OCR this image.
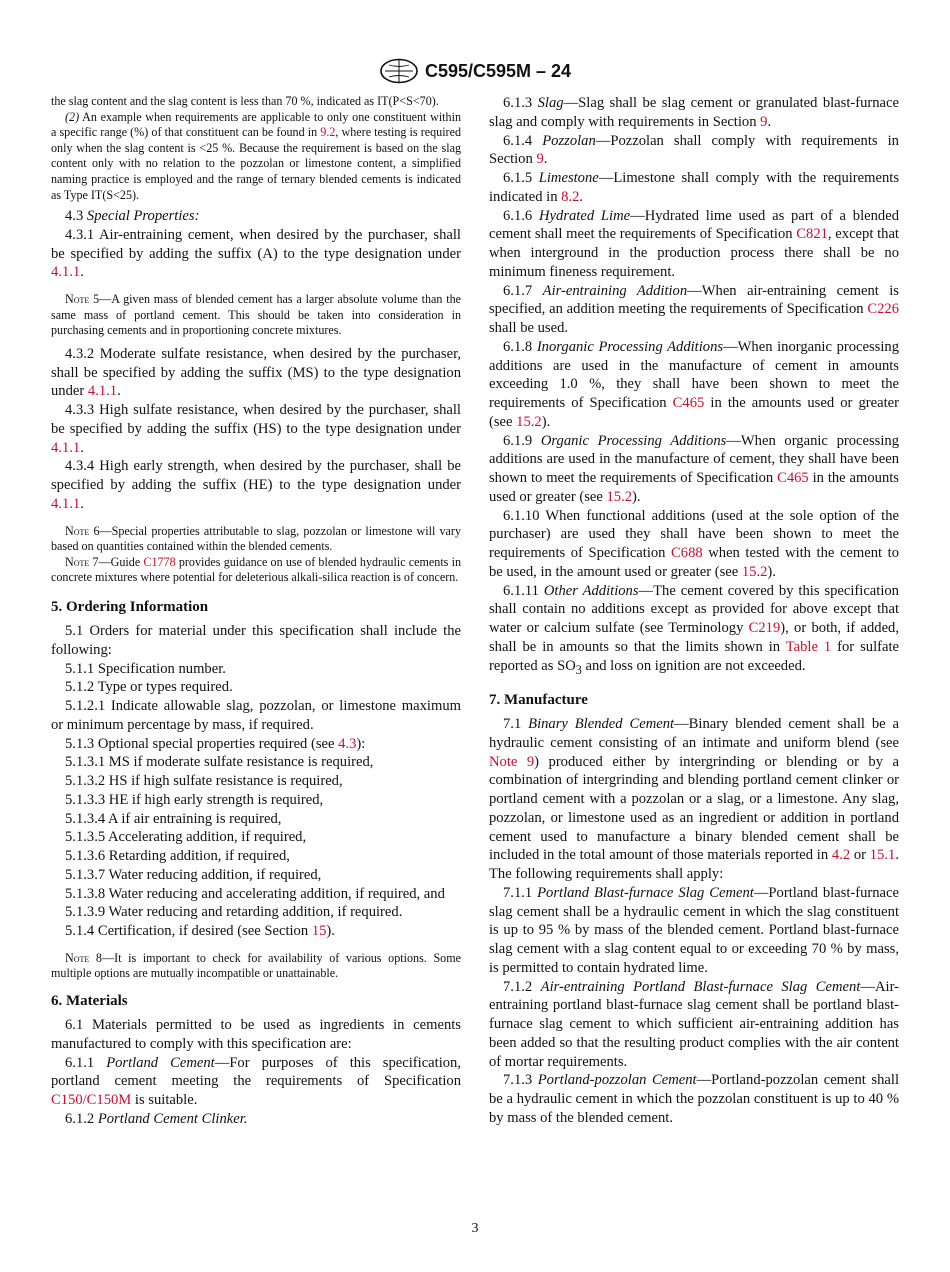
C595/C595M – 24

the slag content and the slag content is less than 70 %, indicated as IT(P<S<70).

(2) An example when requirements are applicable to only one constituent within a specific range (%) of that constituent can be found in 9.2, where testing is required only when the slag content is <25 %. Because the requirement is based on the slag content only with no relation to the pozzolan or limestone content, a simplified naming practice is employed and the range of ternary blended cements is indicated as Type IT(S<25).

4.3 Special Properties:

4.3.1 Air-entraining cement, when desired by the purchaser, shall be specified by adding the suffix (A) to the type designation under 4.1.1.

Note 5—A given mass of blended cement has a larger absolute volume than the same mass of portland cement. This should be taken into consideration in purchasing cements and in proportioning concrete mixtures.

4.3.2 Moderate sulfate resistance, when desired by the purchaser, shall be specified by adding the suffix (MS) to the type designation under 4.1.1.

4.3.3 High sulfate resistance, when desired by the purchaser, shall be specified by adding the suffix (HS) to the type designation under 4.1.1.

4.3.4 High early strength, when desired by the purchaser, shall be specified by adding the suffix (HE) to the type designation under 4.1.1.

Note 6—Special properties attributable to slag, pozzolan or limestone will vary based on quantities contained within the blended cements.

Note 7—Guide C1778 provides guidance on use of blended hydraulic cements in concrete mixtures where potential for deleterious alkali-silica reaction is of concern.

5. Ordering Information

5.1 Orders for material under this specification shall include the following:

5.1.1 Specification number.

5.1.2 Type or types required.

5.1.2.1 Indicate allowable slag, pozzolan, or limestone maximum or minimum percentage by mass, if required.

5.1.3 Optional special properties required (see 4.3):

5.1.3.1 MS if moderate sulfate resistance is required,

5.1.3.2 HS if high sulfate resistance is required,

5.1.3.3 HE if high early strength is required,

5.1.3.4 A if air entraining is required,

5.1.3.5 Accelerating addition, if required,

5.1.3.6 Retarding addition, if required,

5.1.3.7 Water reducing addition, if required,

5.1.3.8 Water reducing and accelerating addition, if required, and

5.1.3.9 Water reducing and retarding addition, if required.

5.1.4 Certification, if desired (see Section 15).

Note 8—It is important to check for availability of various options. Some multiple options are mutually incompatible or unattainable.

6. Materials

6.1 Materials permitted to be used as ingredients in cements manufactured to comply with this specification are:

6.1.1 Portland Cement—For purposes of this specification, portland cement meeting the requirements of Specification C150/C150M is suitable.

6.1.2 Portland Cement Clinker.

6.1.3 Slag—Slag shall be slag cement or granulated blast-furnace slag and comply with requirements in Section 9.

6.1.4 Pozzolan—Pozzolan shall comply with requirements in Section 9.

6.1.5 Limestone—Limestone shall comply with the requirements indicated in 8.2.

6.1.6 Hydrated Lime—Hydrated lime used as part of a blended cement shall meet the requirements of Specification C821, except that when interground in the production process there shall be no minimum fineness requirement.

6.1.7 Air-entraining Addition—When air-entraining cement is specified, an addition meeting the requirements of Specification C226 shall be used.

6.1.8 Inorganic Processing Additions—When inorganic processing additions are used in the manufacture of cement in amounts exceeding 1.0 %, they shall have been shown to meet the requirements of Specification C465 in the amounts used or greater (see 15.2).

6.1.9 Organic Processing Additions—When organic processing additions are used in the manufacture of cement, they shall have been shown to meet the requirements of Specification C465 in the amounts used or greater (see 15.2).

6.1.10 When functional additions (used at the sole option of the purchaser) are used they shall have been shown to meet the requirements of Specification C688 when tested with the cement to be used, in the amount used or greater (see 15.2).

6.1.11 Other Additions—The cement covered by this specification shall contain no additions except as provided for above except that water or calcium sulfate (see Terminology C219), or both, if added, shall be in amounts so that the limits shown in Table 1 for sulfate reported as $SO_3$ and loss on ignition are not exceeded.

7. Manufacture

7.1 Binary Blended Cement—Binary blended cement shall be a hydraulic cement consisting of an intimate and uniform blend (see Note 9) produced either by intergrinding or blending or by a combination of intergrinding and blending portland cement clinker or portland cement with a pozzolan or a slag, or a limestone. Any slag, pozzolan, or limestone used as an ingredient or addition in portland cement used to manufacture a binary blended cement shall be included in the total amount of those materials reported in 4.2 or 15.1. The following requirements shall apply:

7.1.1 Portland Blast-furnace Slag Cement—Portland blast-furnace slag cement shall be a hydraulic cement in which the slag constituent is up to 95 % by mass of the blended cement. Portland blast-furnace slag cement with a slag content equal to or exceeding 70 % by mass, is permitted to contain hydrated lime.

7.1.2 Air-entraining Portland Blast-furnace Slag Cement—Air-entraining portland blast-furnace slag cement shall be portland blast-furnace slag cement to which sufficient air-entraining addition has been added so that the resulting product complies with the air content of mortar requirements.

7.1.3 Portland-pozzolan Cement—Portland-pozzolan cement shall be a hydraulic cement in which the pozzolan constituent is up to 40 % by mass of the blended cement.

3
